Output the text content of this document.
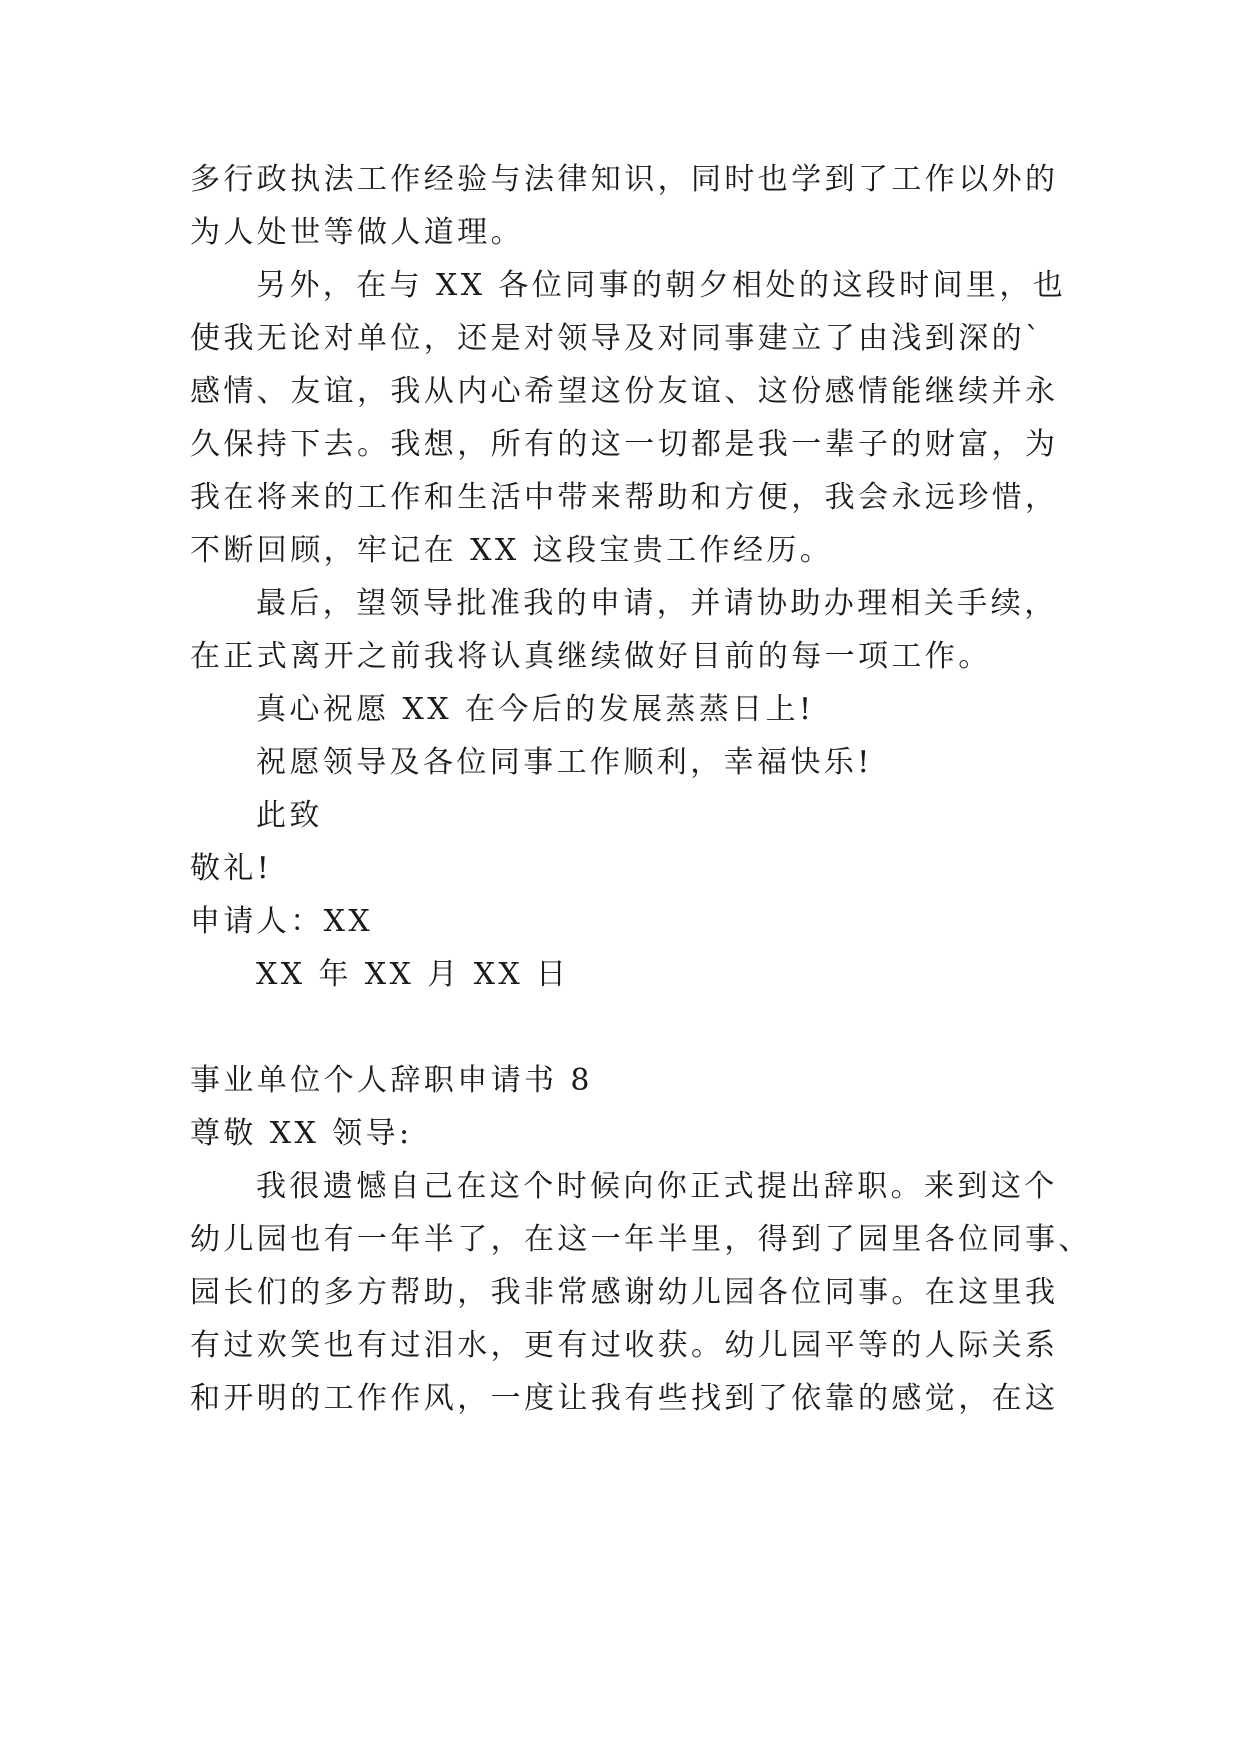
多行政执法工作经验与法律知识，同时也学到了工作以外的
为人处世等做人道理。
另外，在与 XX 各位同事的朝夕相处的这段时间里，也
使我无论对单位，还是对领导及对同事建立了由浅到深的`
感情、友谊，我从内心希望这份友谊、这份感情能继续并永
久保持下去。我想，所有的这一切都是我一辈子的财富，为
我在将来的工作和生活中带来帮助和方便，我会永远珍惜，
不断回顾，牢记在 XX 这段宝贵工作经历。
最后，望领导批准我的申请，并请协助办理相关手续，
在正式离开之前我将认真继续做好目前的每一项工作。
真心祝愿 XX 在今后的发展蒸蒸日上!
祝愿领导及各位同事工作顺利，幸福快乐!
此致
敬礼!
申请人：XX
XX 年 XX 月 XX 日
事业单位个人辞职申请书 8
尊敬 XX 领导:
我很遗憾自己在这个时候向你正式提出辞职。来到这个
幼儿园也有一年半了，在这一年半里，得到了园里各位同事、
园长们的多方帮助，我非常感谢幼儿园各位同事。在这里我
有过欢笑也有过泪水，更有过收获。幼儿园平等的人际关系
和开明的工作作风，一度让我有些找到了依靠的感觉，在这
